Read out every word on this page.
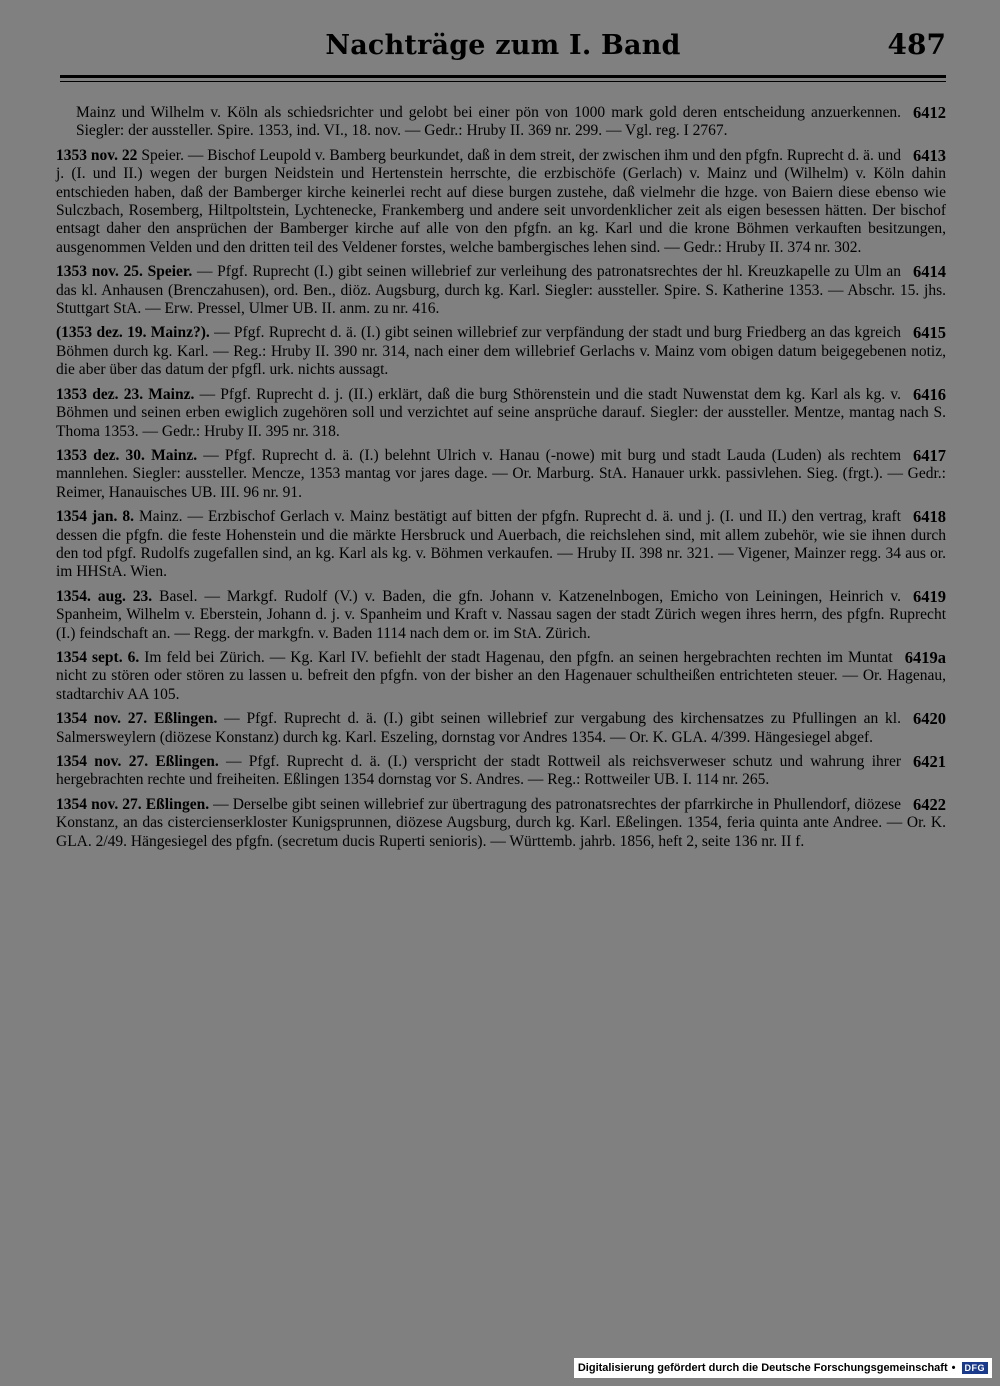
Nachträge zum I. Band	487
6412
Mainz und Wilhelm v. Köln als schiedsrichter und gelobt bei einer pön von 1000 mark gold deren entscheidung anzuerkennen. Siegler: der aussteller. Spire. 1353, ind. VI., 18. nov. — Gedr.: Hruby II. 369 nr. 299. — Vgl. reg. I 2767.
6413
1353 nov. 22 Speier. — Bischof Leupold v. Bamberg beurkundet, daß in dem streit, der zwischen ihm und den pfgfn. Ruprecht d. ä. und j. (I. und II.) wegen der burgen Neidstein und Hertenstein herrschte, die erzbischöfe (Gerlach) v. Mainz und (Wilhelm) v. Köln dahin entschieden haben, daß der Bamberger kirche keinerlei recht auf diese burgen zustehe, daß vielmehr die hzge. von Baiern diese ebenso wie Sulczbach, Rosemberg, Hiltpoltstein, Lychtenecke, Frankemberg und andere seit unvordenklicher zeit als eigen besessen hätten. Der bischof entsagt daher den ansprüchen der Bamberger kirche auf alle von den pfgfn. an kg. Karl und die krone Böhmen verkauften besitzungen, ausgenommen Velden und den dritten teil des Veldener forstes, welche bambergisches lehen sind. — Gedr.: Hruby II. 374 nr. 302.
6414
1353 nov. 25. Speier. — Pfgf. Ruprecht (I.) gibt seinen willebrief zur verleihung des patronatsrechtes der hl. Kreuzkapelle zu Ulm an das kl. Anhausen (Brenczahusen), ord. Ben., diöz. Augsburg, durch kg. Karl. Siegler: aussteller. Spire. S. Katherine 1353. — Abschr. 15. jhs. Stuttgart StA. — Erw. Pressel, Ulmer UB. II. anm. zu nr. 416.
6415
(1353 dez. 19. Mainz?). — Pfgf. Ruprecht d. ä. (I.) gibt seinen willebrief zur verpfändung der stadt und burg Friedberg an das kgreich Böhmen durch kg. Karl. — Reg.: Hruby II. 390 nr. 314, nach einer dem willebrief Gerlachs v. Mainz vom obigen datum beigegebenen notiz, die aber über das datum der pfgfl. urk. nichts aussagt.
6416
1353 dez. 23. Mainz. — Pfgf. Ruprecht d. j. (II.) erklärt, daß die burg Sthörenstein und die stadt Nuwenstat dem kg. Karl als kg. v. Böhmen und seinen erben ewiglich zugehören soll und verzichtet auf seine ansprüche darauf. Siegler: der aussteller. Mentze, mantag nach S. Thoma 1353. — Gedr.: Hruby II. 395 nr. 318.
6417
1353 dez. 30. Mainz. — Pfgf. Ruprecht d. ä. (I.) belehnt Ulrich v. Hanau (-nowe) mit burg und stadt Lauda (Luden) als rechtem mannlehen. Siegler: aussteller. Mencze, 1353 mantag vor jares dage. — Or. Marburg. StA. Hanauer urkk. passivlehen. Sieg. (frgt.). — Gedr.: Reimer, Hanauisches UB. III. 96 nr. 91.
6418
1354 jan. 8. Mainz. — Erzbischof Gerlach v. Mainz bestätigt auf bitten der pfgfn. Ruprecht d. ä. und j. (I. und II.) den vertrag, kraft dessen die pfgfn. die feste Hohenstein und die märkte Hersbruck und Auerbach, die reichslehen sind, mit allem zubehör, wie sie ihnen durch den tod pfgf. Rudolfs zugefallen sind, an kg. Karl als kg. v. Böhmen verkaufen. — Hruby II. 398 nr. 321. — Vigener, Mainzer regg. 34 aus or. im HHStA. Wien.
6419
1354. aug. 23. Basel. — Markgf. Rudolf (V.) v. Baden, die gfn. Johann v. Katzenelnbogen, Emicho von Leiningen, Heinrich v. Spanheim, Wilhelm v. Eberstein, Johann d. j. v. Spanheim und Kraft v. Nassau sagen der stadt Zürich wegen ihres herrn, des pfgfn. Ruprecht (I.) feindschaft an. — Regg. der markgfn. v. Baden 1114 nach dem or. im StA. Zürich.
6419a
1354 sept. 6. Im feld bei Zürich. — Kg. Karl IV. befiehlt der stadt Hagenau, den pfgfn. an seinen hergebrachten rechten im Muntat nicht zu stören oder stören zu lassen u. befreit den pfgfn. von der bisher an den Hagenauer schultheißen entrichteten steuer. — Or. Hagenau, stadtarchiv AA 105.
6420
1354 nov. 27. Eßlingen. — Pfgf. Ruprecht d. ä. (I.) gibt seinen willebrief zur vergabung des kirchensatzes zu Pfullingen an kl. Salmersweylern (diözese Konstanz) durch kg. Karl. Eszeling, dornstag vor Andres 1354. — Or. K. GLA. 4/399. Hängesiegel abgef.
6421
1354 nov. 27. Eßlingen. — Pfgf. Ruprecht d. ä. (I.) verspricht der stadt Rottweil als reichsverweser schutz und wahrung ihrer hergebrachten rechte und freiheiten. Eßlingen 1354 dornstag vor S. Andres. — Reg.: Rottweiler UB. I. 114 nr. 265.
6422
1354 nov. 27. Eßlingen. — Derselbe gibt seinen willebrief zur übertragung des patronatsrechtes der pfarrkirche in Phullendorf, diözese Konstanz, an das cistercienserkloster Kunigsprunnen, diözese Augsburg, durch kg. Karl. Eßelingen. 1354, feria quinta ante Andree. — Or. K. GLA. 2/49. Hängesiegel des pfgfn. (secretum ducis Ruperti senioris). — Württemb. jahrb. 1856, heft 2, seite 136 nr. II f.
Digitalisierung gefördert durch die Deutsche Forschungsgemeinschaft •	DFG
